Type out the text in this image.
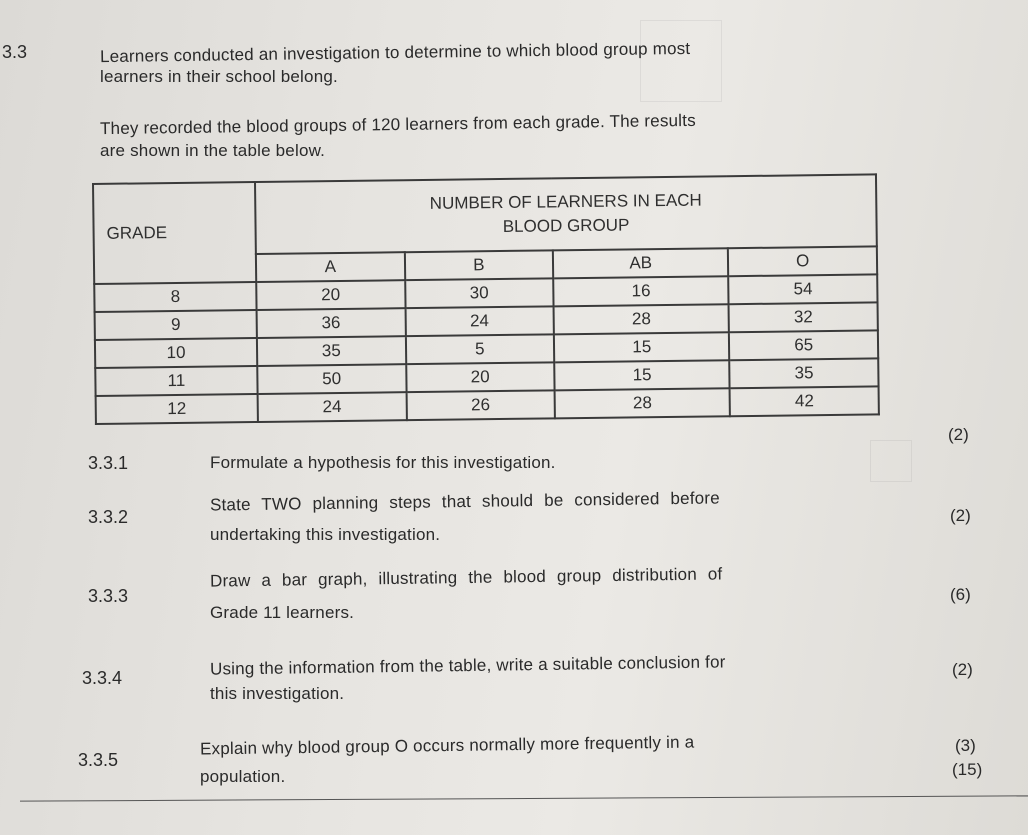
3.3	Learners conducted an investigation to determine to which blood group most
learners in their school belong.
They recorded the blood groups of 120 learners from each grade. The results
are shown in the table below.
GRADE	NUMBER OF LEARNERS IN EACH
BLOOD GROUP			

	A	B	AB	O
8	20	30	16	54
9	36	24	28	32
10	35	5	15	65
11	50	20	15	35
12	24	26	28	42
3.3.1	Formulate a hypothesis for this investigation.
(2)
3.3.2
State TWO planning steps that should be considered before
undertaking this investigation.
(2)
3.3.3
Draw a bar graph, illustrating the blood group distribution of
Grade 11 learners.
(6)
3.3.4	Using the information from the table, write a suitable conclusion for
this investigation.
(2)
3.3.5
Explain why blood group O occurs normally more frequently in a
population.
(3)
(15)
